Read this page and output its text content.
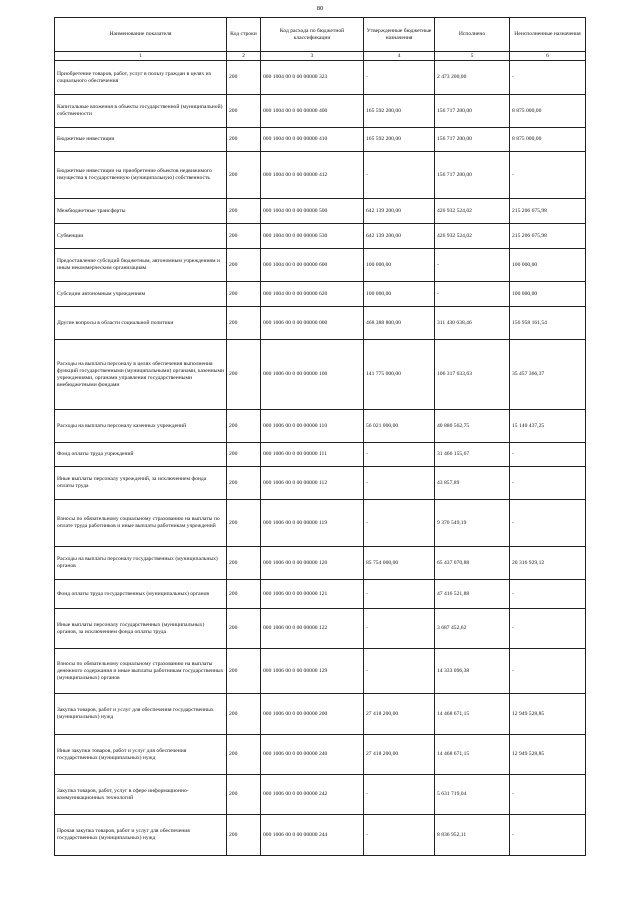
80
Наименование показателя	Код строки	Код расхода по бюджетной классификации	Утвержденные бюджетные назначения	Исполнено	Неисполненные назначения
1	2	3	4	5	6
Приобретение товаров, работ, услуг в пользу граждан в целях их социального обеспечения	200	000 1004 00 0 00 00000 323	-	2 473 200,00	-
Капитальные вложения в объекты государственной (муниципальной) собственности	200	000 1004 00 0 00 00000 400	165 592 200,00	156 717 200,00	8 875 000,00
Бюджетные инвестиции	200	000 1004 00 0 00 00000 410	165 592 200,00	156 717 200,00	8 875 000,00
Бюджетные инвестиции на приобретение объектов недвижимого имущества в государственную (муниципальную) собственность	200	000 1004 00 0 00 00000 412	-	156 717 200,00	-
Межбюджетные трансферты	200	000 1004 00 0 00 00000 500	642 139 200,00	426 932 524,02	215 206 675,98
Субвенции	200	000 1004 00 0 00 00000 530	642 139 200,00	426 932 524,02	215 206 675,98
Предоставление субсидий бюджетным, автономным учреждениям и иным некоммерческим организациям	200	000 1004 00 0 00 00000 600	100 000,00	-	100 000,00
Субсидии автономным учреждениям	200	000 1004 00 0 00 00000 620	100 000,00	-	100 000,00
Другие вопросы в области социальной политики	200	000 1006 00 0 00 00000 000	468 388 800,00	311 430 638,46	156 958 161,54
Расходы на выплаты персоналу в целях обеспечения выполнения функций государственными (муниципальными) органами, казенными учреждениями, органами управления государственными внебюджетными фондами	200	000 1006 00 0 00 00000 100	141 775 000,00	106 317 633,63	35 457 366,37
Расходы на выплаты персоналу казенных учреждений	200	000 1006 00 0 00 00000 110	56 021 000,00	40 880 562,75	15 140 437,25
Фонд оплаты труда учреждений	200	000 1006 00 0 00 00000 111	-	31 466 155,67	-
Иные выплаты персоналу учреждений, за исключением фонда оплаты труда	200	000 1006 00 0 00 00000 112	-	43 857,89	-
Взносы по обязательному социальному страхованию на выплаты по оплате труда работников и иные выплаты работникам учреждений	200	000 1006 00 0 00 00000 119	-	9 370 549,19	-
Расходы на выплаты персоналу государственных (муниципальных) органов	200	000 1006 00 0 00 00000 120	85 754 000,00	65 437 070,88	20 316 929,12
Фонд оплаты труда государственных (муниципальных) органов	200	000 1006 00 0 00 00000 121	-	47 416 521,88	-
Иные выплаты персоналу государственных (муниципальных) органов, за исключением фонда оплаты труда	200	000 1006 00 0 00 00000 122	-	3 687 452,62	-
Взносы по обязательному социальному страхованию на выплаты денежного содержания и иные выплаты работникам государственных (муниципальных) органов	200	000 1006 00 0 00 00000 129	-	14 333 096,38	-
Закупка товаров, работ и услуг для обеспечения государственных (муниципальных) нужд	200	000 1006 00 0 00 00000 200	27 418 200,00	14 468 671,15	12 949 528,85
Иные закупки товаров, работ и услуг для обеспечения государственных (муниципальных) нужд	200	000 1006 00 0 00 00000 240	27 418 200,00	14 468 671,15	12 949 528,85
Закупка товаров, работ, услуг в сфере информационно-коммуникационных технологий	200	000 1006 00 0 00 00000 242	-	5 631 719,04	-
Прочая закупка товаров, работ и услуг для обеспечения государственных (муниципальных) нужд	200	000 1006 00 0 00 00000 244	-	8 836 952,11	-
